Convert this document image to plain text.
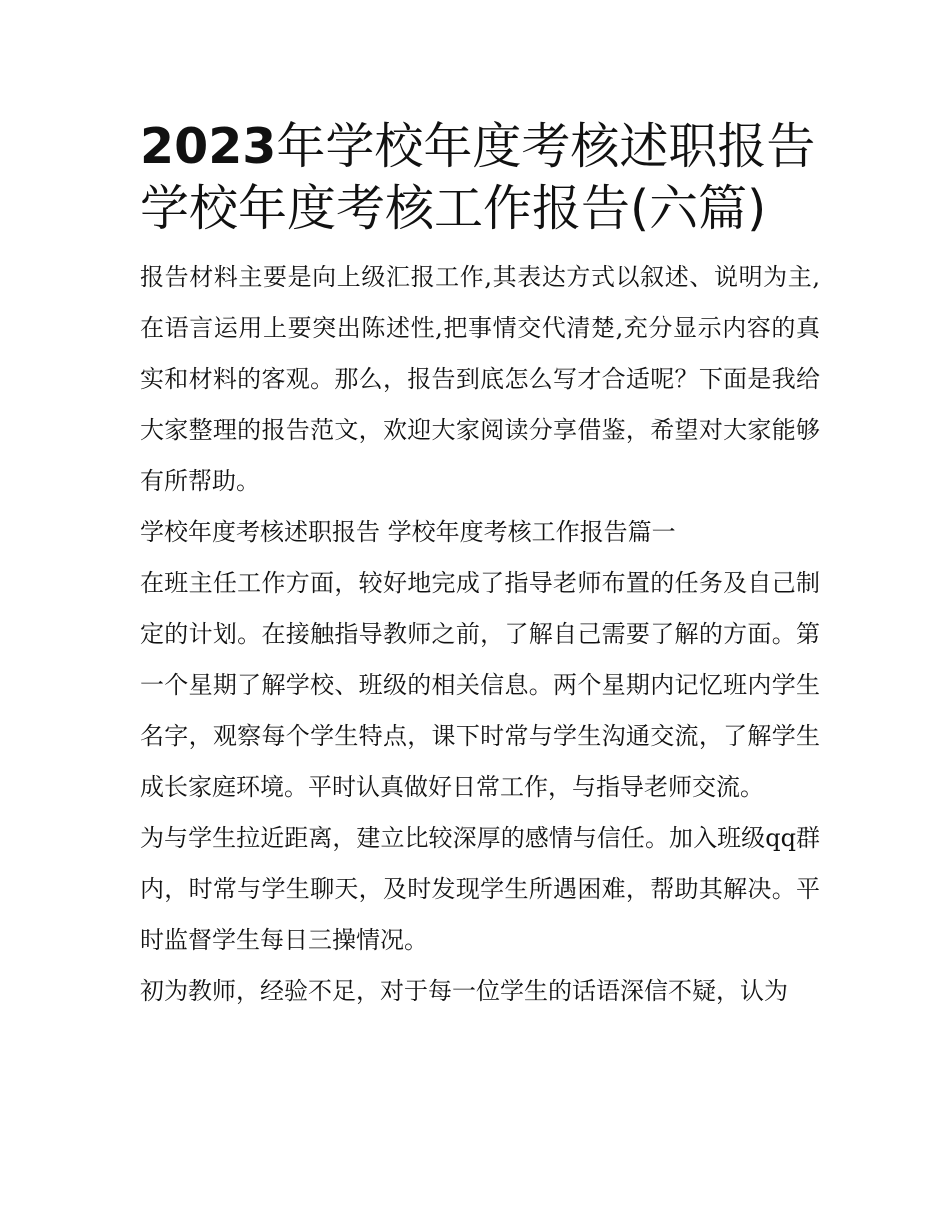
2023年学校年度考核述职报告

学校年度考核工作报告(六篇)

报告材料主要是向上级汇报工作,其表达方式以叙述、说明为主,在语言运用上要突出陈述性,把事情交代清楚,充分显示内容的真实和材料的客观。那么，报告到底怎么写才合适呢？下面是我给大家整理的报告范文，欢迎大家阅读分享借鉴，希望对大家能够有所帮助。

学校年度考核述职报告 学校年度考核工作报告篇一

在班主任工作方面，较好地完成了指导老师布置的任务及自己制定的计划。在接触指导教师之前，了解自己需要了解的方面。第一个星期了解学校、班级的相关信息。两个星期内记忆班内学生名字，观察每个学生特点，课下时常与学生沟通交流，了解学生成长家庭环境。平时认真做好日常工作，与指导老师交流。

为与学生拉近距离，建立比较深厚的感情与信任。加入班级qq群内，时常与学生聊天，及时发现学生所遇困难，帮助其解决。平时监督学生每日三操情况。

初为教师，经验不足，对于每一位学生的话语深信不疑，认为
